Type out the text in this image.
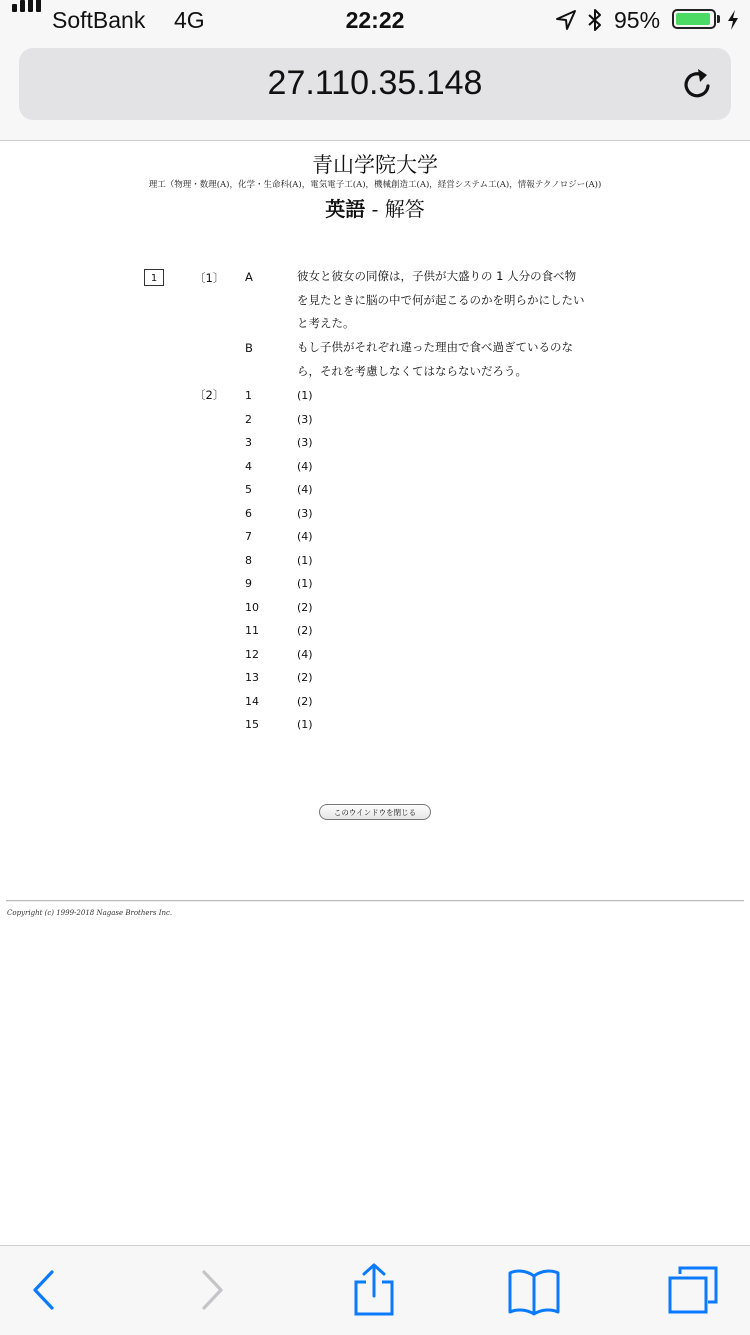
SoftBank 4G	22:22	95%
27.110.35.148
青山学院大学
理工（物理・数理(A)，化学・生命科(A)，電気電子工(A)，機械創造工(A)，経営システム工(A)，情報テクノロジー(A))
英語 - 解答
1	〔1〕 A	彼女と彼女の同僚は，子供が大盛りの 1 人分の食べ物を見たときに脳の中で何が起こるのかを明らかにしたいと考えた。
B	もし子供がそれぞれ違った理由で食べ過ぎているのなら，それを考慮しなくてはならないだろう。
〔2〕 1	(1)
2	(3)
3	(3)
4	(4)
5	(4)
6	(3)
7	(4)
8	(1)
9	(1)
10	(2)
11	(2)
12	(4)
13	(2)
14	(2)
15	(1)
このウインドウを閉じる
Copyright (c) 1999-2018 Nagase Brothers Inc.
